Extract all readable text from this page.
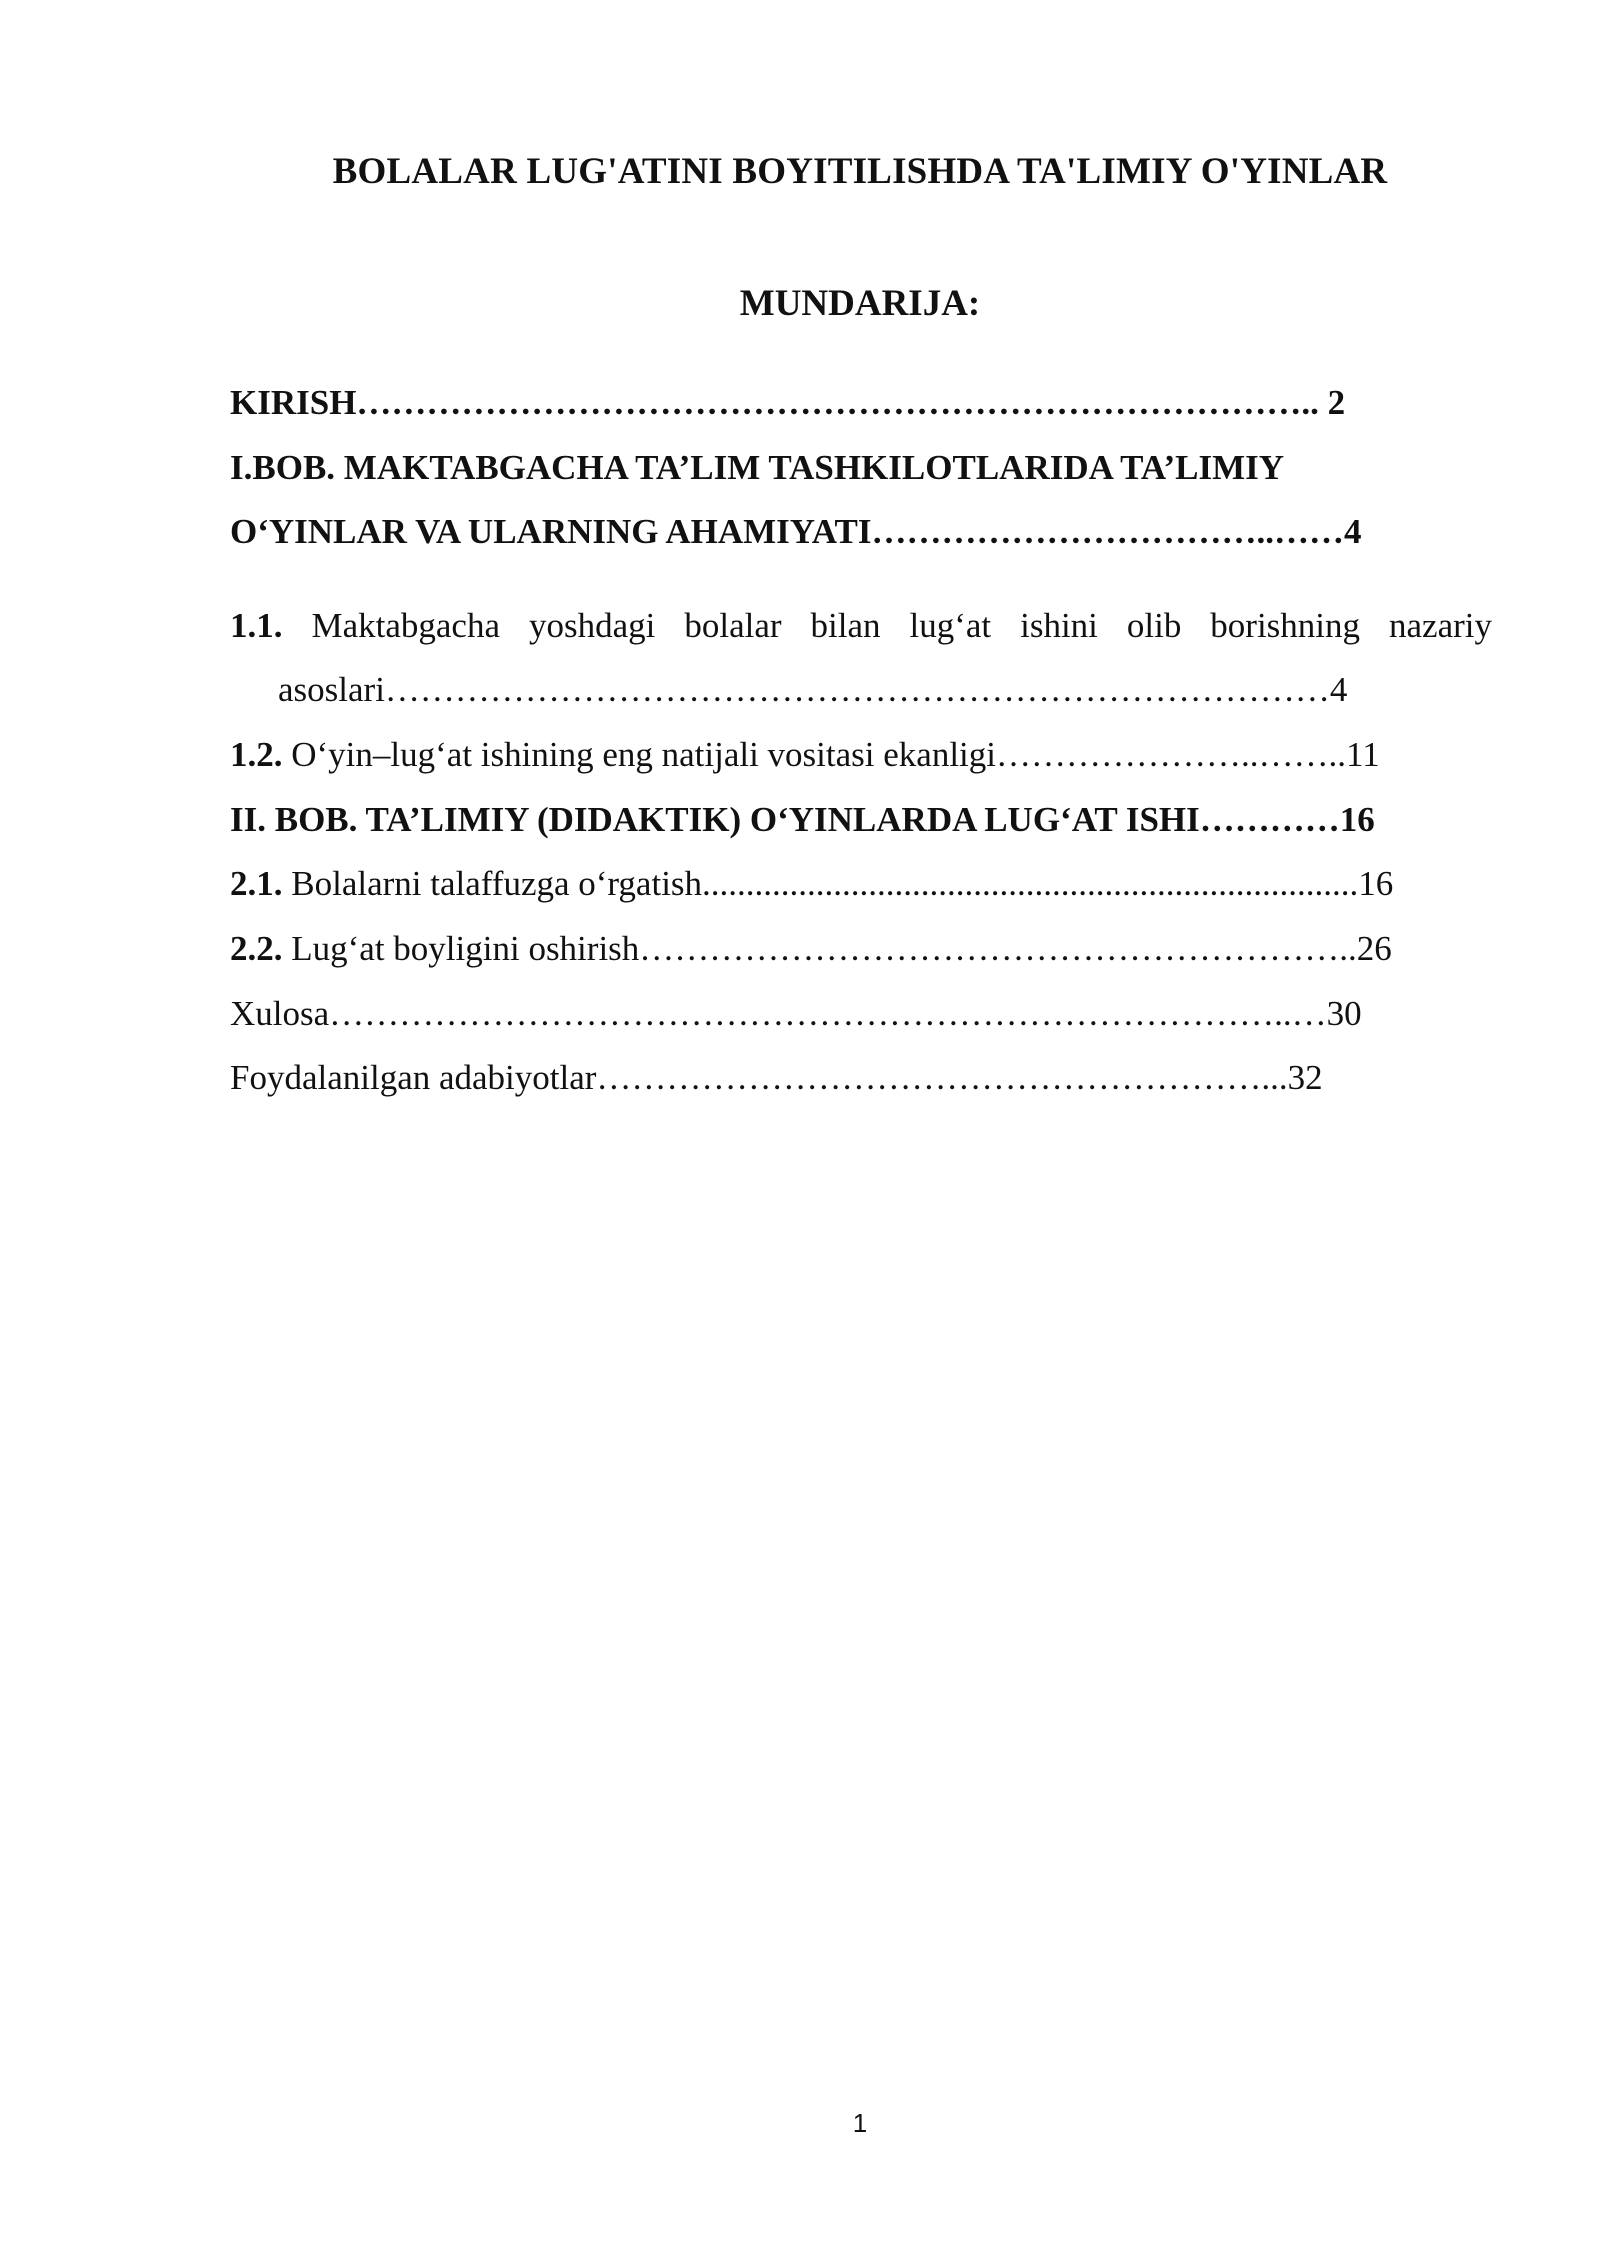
BOLALAR LUG'ATINI BOYITILISHDA TA'LIMIY O'YINLAR
MUNDARIJA:
KIRISH……………………………………………………………………….. 2
I.BOB. MAKTABGACHA TA’LIM TASHKILOTLARIDA TA’LIMIY
O‘YINLAR VA ULARNING AHAMIYATI……………………………..……4
1.1. Maktabgacha yoshdagi bolalar bilan lug‘at ishini olib borishning nazariy
asoslari………………………………………………………………………4
1.2. O‘yin–lug‘at ishining eng natijali vositasi ekanligi…………………..……..11
II. BOB. TA’LIMIY (DIDAKTIK) O‘YINLARDA LUG‘AT ISHI…………16
2.1. Bolalarni talaffuzga o‘rgatish...........................................................................16
2.2. Lug‘at boyligini oshirish……………………………………………………..26
Xulosa………………………………………………………………………..…30
Foydalanilgan adabiyotlar…………………………………………………...32
1
